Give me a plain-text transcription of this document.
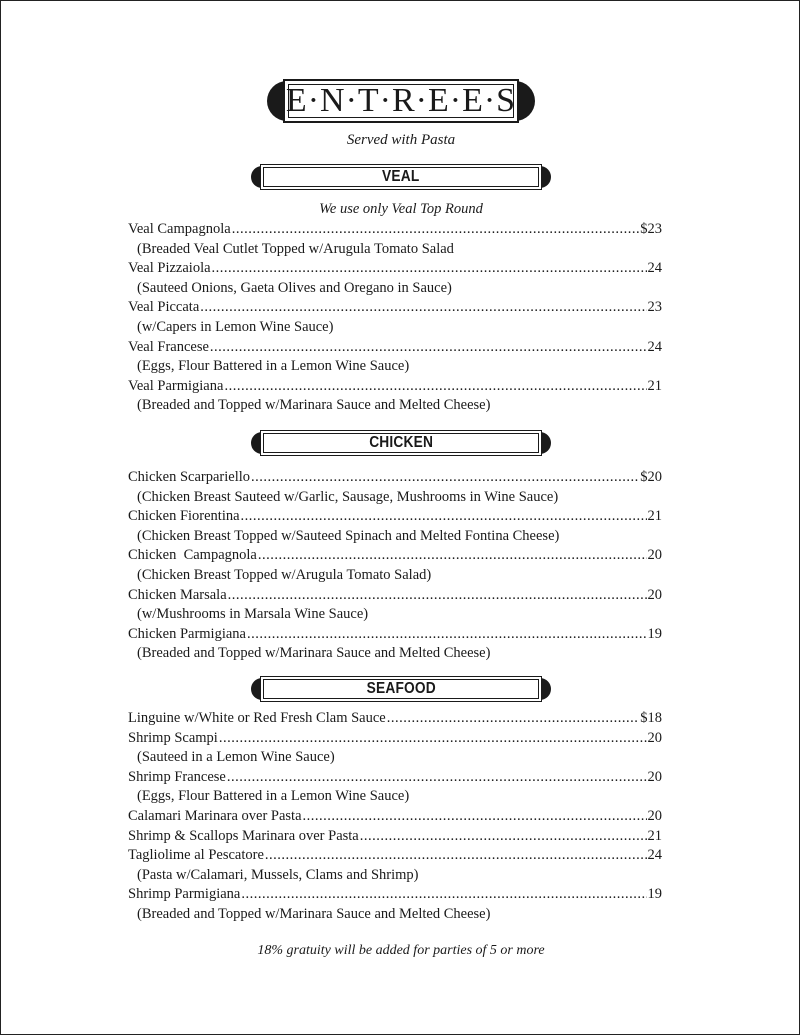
E·N·T·R·E·E·S
Served with Pasta
VEAL
We use only Veal Top Round
Veal Campagnola .....	$23
(Breaded Veal Cutlet Topped w/Arugula Tomato Salad
Veal Pizzaiola .....	24
(Sauteed Onions, Gaeta Olives and Oregano in Sauce)
Veal Piccata .....	23
(w/Capers in Lemon Wine Sauce)
Veal Francese .....	24
(Eggs, Flour Battered in a Lemon Wine Sauce)
Veal Parmigiana .....	21
(Breaded and Topped w/Marinara Sauce and Melted Cheese)
CHICKEN
Chicken Scarpariello .....	$20
(Chicken Breast Sauteed w/Garlic, Sausage, Mushrooms in Wine Sauce)
Chicken Fiorentina .....	21
(Chicken Breast Topped w/Sauteed Spinach and Melted Fontina Cheese)
Chicken  Campagnola .....	20
(Chicken Breast Topped w/Arugula Tomato Salad)
Chicken Marsala .....	20
(w/Mushrooms in Marsala Wine Sauce)
Chicken Parmigiana .....	19
(Breaded and Topped w/Marinara Sauce and Melted Cheese)
SEAFOOD
Linguine w/White or Red Fresh Clam Sauce .....	$18
Shrimp Scampi .....	20
(Sauteed in a Lemon Wine Sauce)
Shrimp Francese .....	20
(Eggs, Flour Battered in a Lemon Wine Sauce)
Calamari Marinara over Pasta .....	20
Shrimp & Scallops Marinara over Pasta .....	21
Tagliolime al Pescatore .....	24
(Pasta w/Calamari, Mussels, Clams and Shrimp)
Shrimp Parmigiana .....	19
(Breaded and Topped w/Marinara Sauce and Melted Cheese)
18% gratuity will be added for parties of 5 or more
